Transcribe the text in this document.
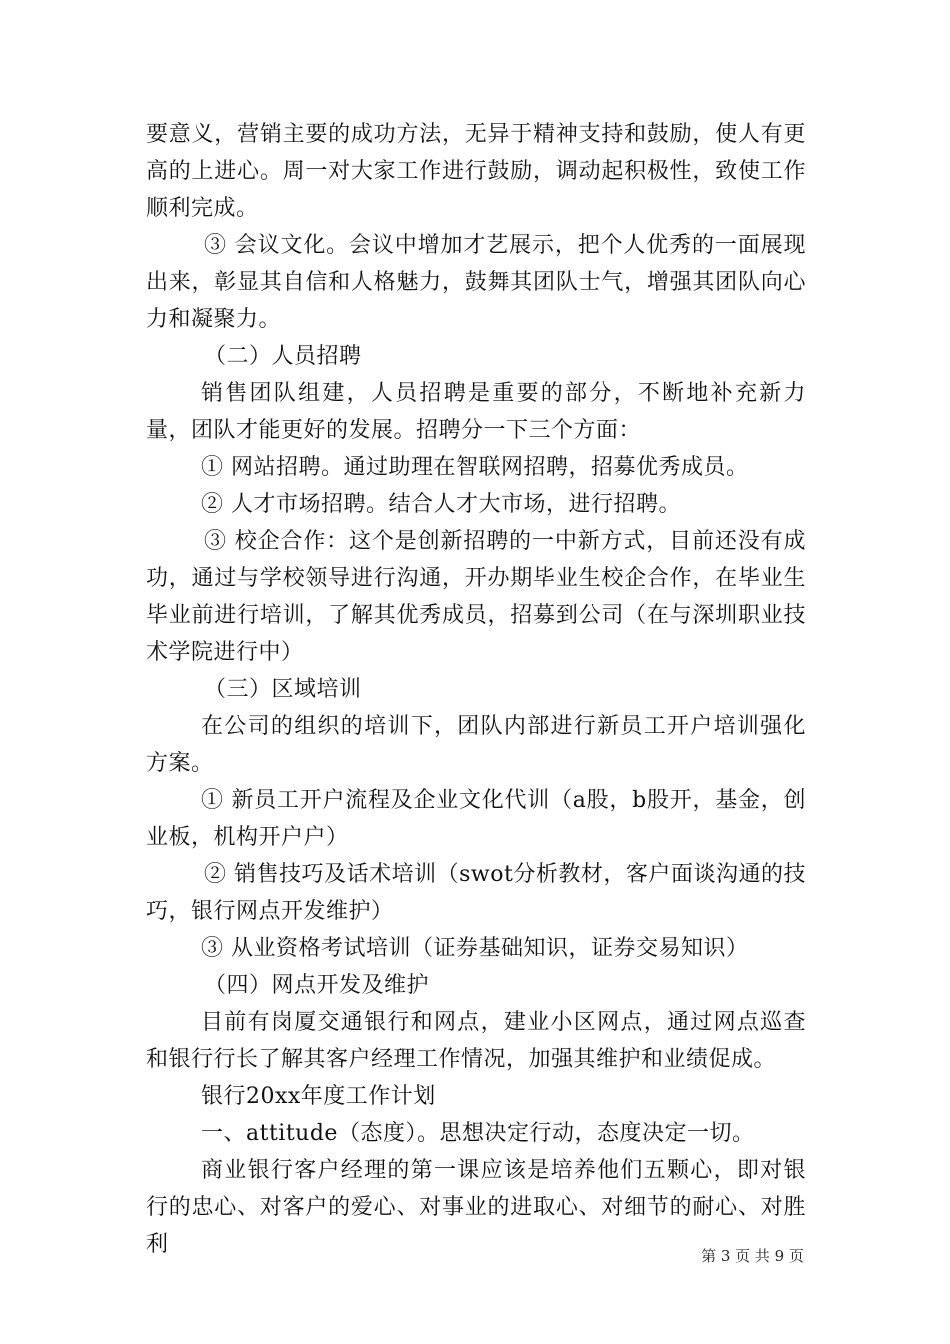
要意义，营销主要的成功方法，无异于精神支持和鼓励，使人有更高的上进心。周一对大家工作进行鼓励，调动起积极性，致使工作顺利完成。

③ 会议文化。会议中增加才艺展示，把个人优秀的一面展现出来，彰显其自信和人格魅力，鼓舞其团队士气，增强其团队向心力和凝聚力。

（二）人员招聘

销售团队组建，人员招聘是重要的部分，不断地补充新力量，团队才能更好的发展。招聘分一下三个方面：

① 网站招聘。通过助理在智联网招聘，招募优秀成员。

② 人才市场招聘。结合人才大市场，进行招聘。

③ 校企合作：这个是创新招聘的一中新方式，目前还没有成功，通过与学校领导进行沟通，开办期毕业生校企合作，在毕业生毕业前进行培训，了解其优秀成员，招募到公司（在与深圳职业技术学院进行中）

（三）区域培训

在公司的组织的培训下，团队内部进行新员工开户培训强化方案。

① 新员工开户流程及企业文化代训（a股，b股开，基金，创业板，机构开户户）

② 销售技巧及话术培训（swot分析教材，客户面谈沟通的技巧，银行网点开发维护）

③ 从业资格考试培训（证券基础知识，证券交易知识）

（四）网点开发及维护

目前有岗厦交通银行和网点，建业小区网点，通过网点巡查和银行行长了解其客户经理工作情况，加强其维护和业绩促成。

银行20xx年度工作计划

一、attitude（态度）。思想决定行动，态度决定一切。

商业银行客户经理的第一课应该是培养他们五颗心，即对银行的忠心、对客户的爱心、对事业的进取心、对细节的耐心、对胜利	第 3 页 共 9 页
